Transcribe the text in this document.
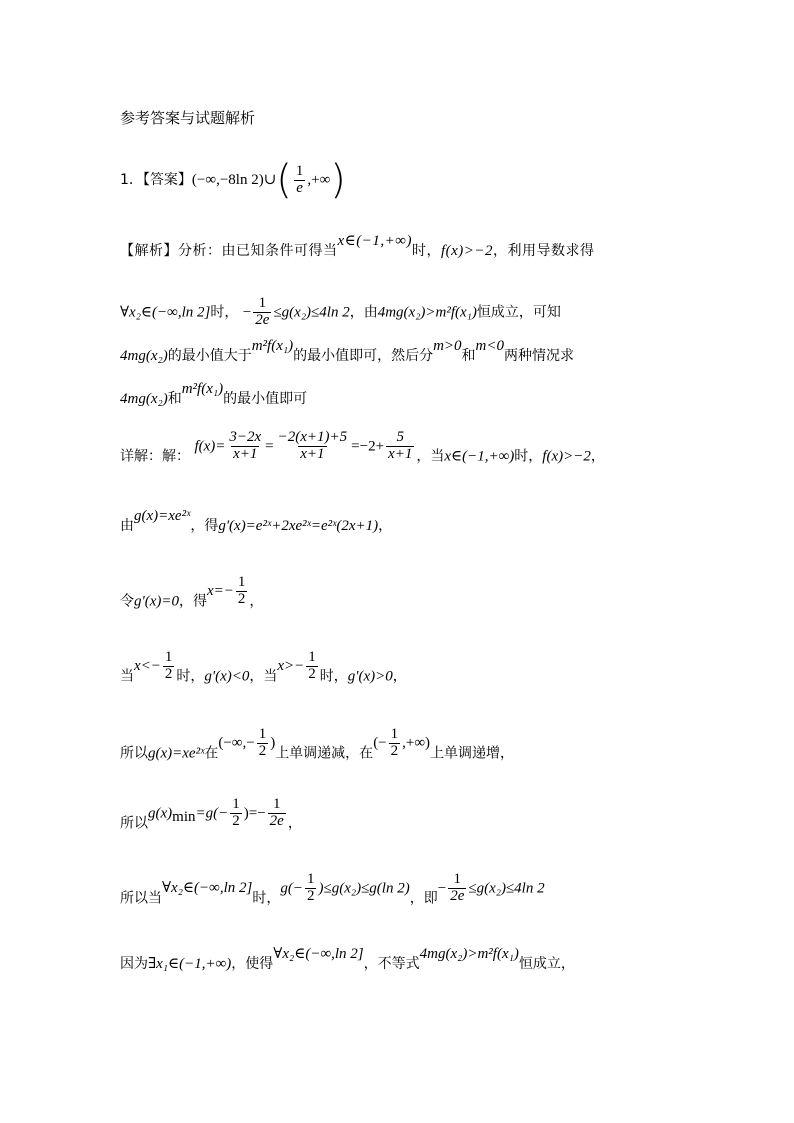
参考答案与试题解析
1．【答案】(−∞,−8ln 2)∪( $\frac{1}{e}$ ,+∞)
【解析】分析：由已知条件可得当x∈(−1,+∞)时，f(x)>−2，利用导数求得
∀x₂∈(−∞,ln 2]时， − $\frac{1}{2e} \le g(x_2)\le 4\ln$ 2，由4mg(x₂)>m²f(x₁)恒成立，可知
4mg(x₂)的最小值大于m²f(x₁)的最小值即可，然后分m>0和m<0两种情况求
4mg(x₂)和m²f(x₁)的最小值即可
详解：解： $f(x)= \frac{3-2x}{x+1} = \frac{-2(x+1)+5}{x+1} =-2+ \frac{5}{x+1}$ ，当x∈(−1,+∞)时，f(x)>−2，
由g(x)=xe²ˣ，得g'(x)=e²ˣ+2xe²ˣ=e²ˣ(2x+1)，
令g'(x)=0，得$x=- \frac{1}{2}$ ，
当$x<- \frac{1}{2}$ 时，g'(x)<0，当$x>- \frac{1}{2}$ 时，g'(x)>0，
所以g(x)=xe²ˣ在(−∞,− $\frac{1}{2}$ )上单调递减，在(− $\frac{1}{2}$ ,+∞)上单调递增，
所以$g(x)_{min}=g(- \frac{1}{2}$ )=− $\frac{1}{2e}$ ，
所以当∀x₂∈(−∞,ln 2]时，$g(- \frac{1}{2} )\le g(x_2)\le g(\ln$ 2)，即− $\frac{1}{2e} \le g(x_2)\le 4\ln$ 2
因为∃x₁∈(−1,+∞)，使得∀x₂∈(−∞,ln 2]，不等式4mg(x₂)>m²f(x₁)恒成立，
